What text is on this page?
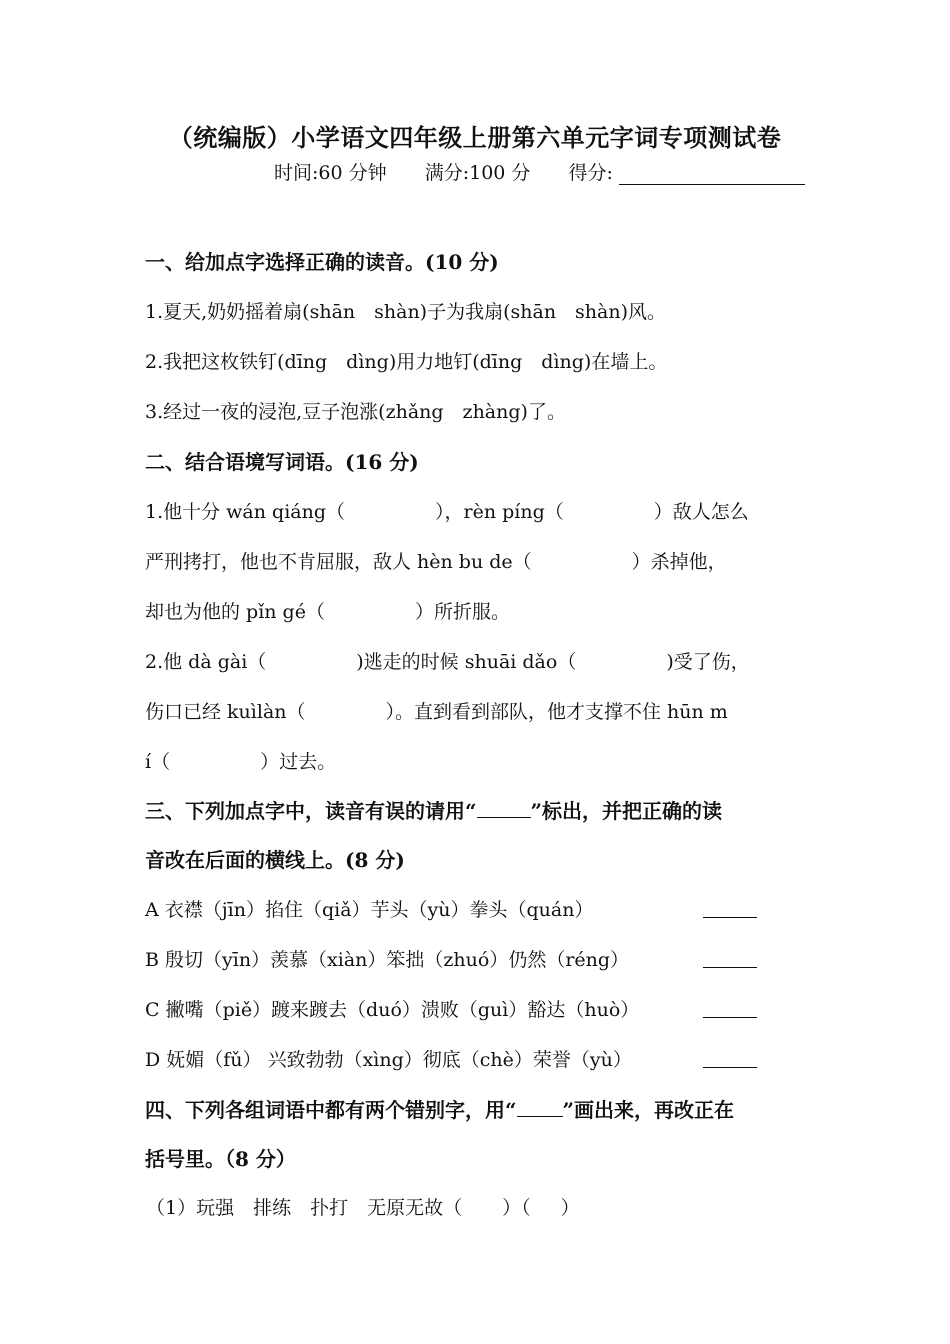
（统编版）小学语文四年级上册第六单元字词专项测试卷
时间:60 分钟 满分:100 分 得分:
一、给加点字选择正确的读音。(10 分)
1.夏天,奶奶摇着扇(shān　shàn)子为我扇(shān　shàn)风。
2.我把这枚铁钉(dīng　dìng)用力地钉(dīng　dìng)在墙上。
3.经过一夜的浸泡,豆子泡涨(zhǎng　zhàng)了。
二、结合语境写词语。(16 分)
1.他十分 wán qiáng（	），rèn píng（	）敌人怎么
严刑拷打，他也不肯屈服，敌人 hèn bu de（	）杀掉他，
却也为他的 pǐn gé（	）所折服。
2.他 dà gài（	)逃走的时候 shuāi dǎo（	)受了伤，
伤口已经 kuìlàn（	）。直到看到部队，他才支撑不住 hūn m
í（	）过去。
三、下列加点字中，读音有误的请用“	”标出，并把正确的读
音改在后面的横线上。(8 分)
A 衣襟（jīn）掐住（qiǎ）芋头（yù）拳头（quán）
B 殷切（yīn）羡慕（xiàn）笨拙（zhuó）仍然（réng）
C 撇嘴（piě）踱来踱去（duó）溃败（guì）豁达（huò）
D 妩媚（fǔ） 兴致勃勃（xìng）彻底（chè）荣誉（yù）
四、下列各组词语中都有两个错别字，用“ ”画出来，再改正在
括号里。（8 分）
（1）玩强　排练　扑打　无原无故（ ）（ ）
